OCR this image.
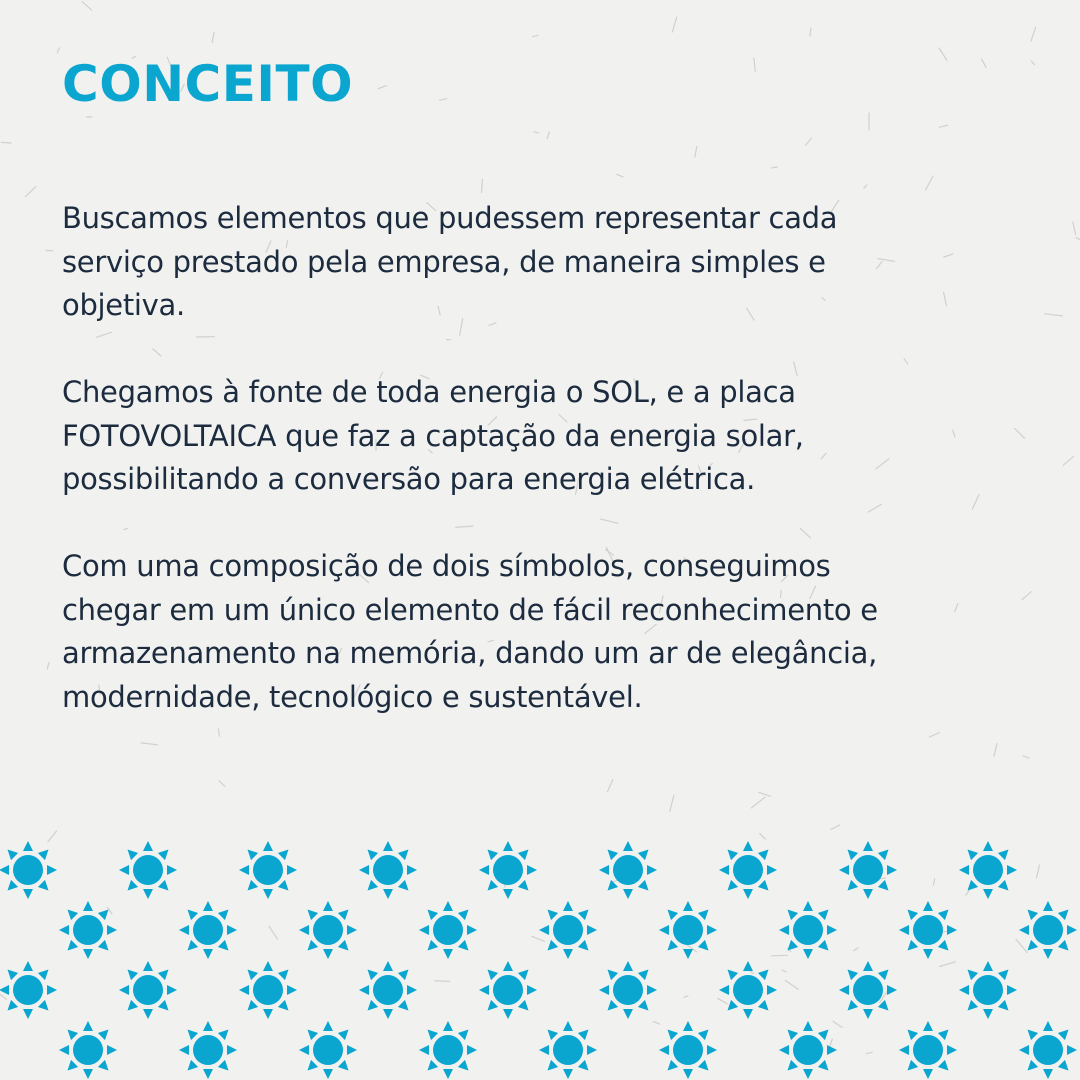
CONCEITO

Buscamos elementos que pudessem representar cada
serviço prestado pela empresa, de maneira simples e
objetiva.

Chegamos à fonte de toda energia o SOL, e a placa
FOTOVOLTAICA que faz a captação da energia solar,
possibilitando a conversão para energia elétrica.

Com uma composição de dois símbolos, conseguimos
chegar em um único elemento de fácil reconhecimento e
armazenamento na memória, dando um ar de elegância,
modernidade, tecnológico e sustentável.
